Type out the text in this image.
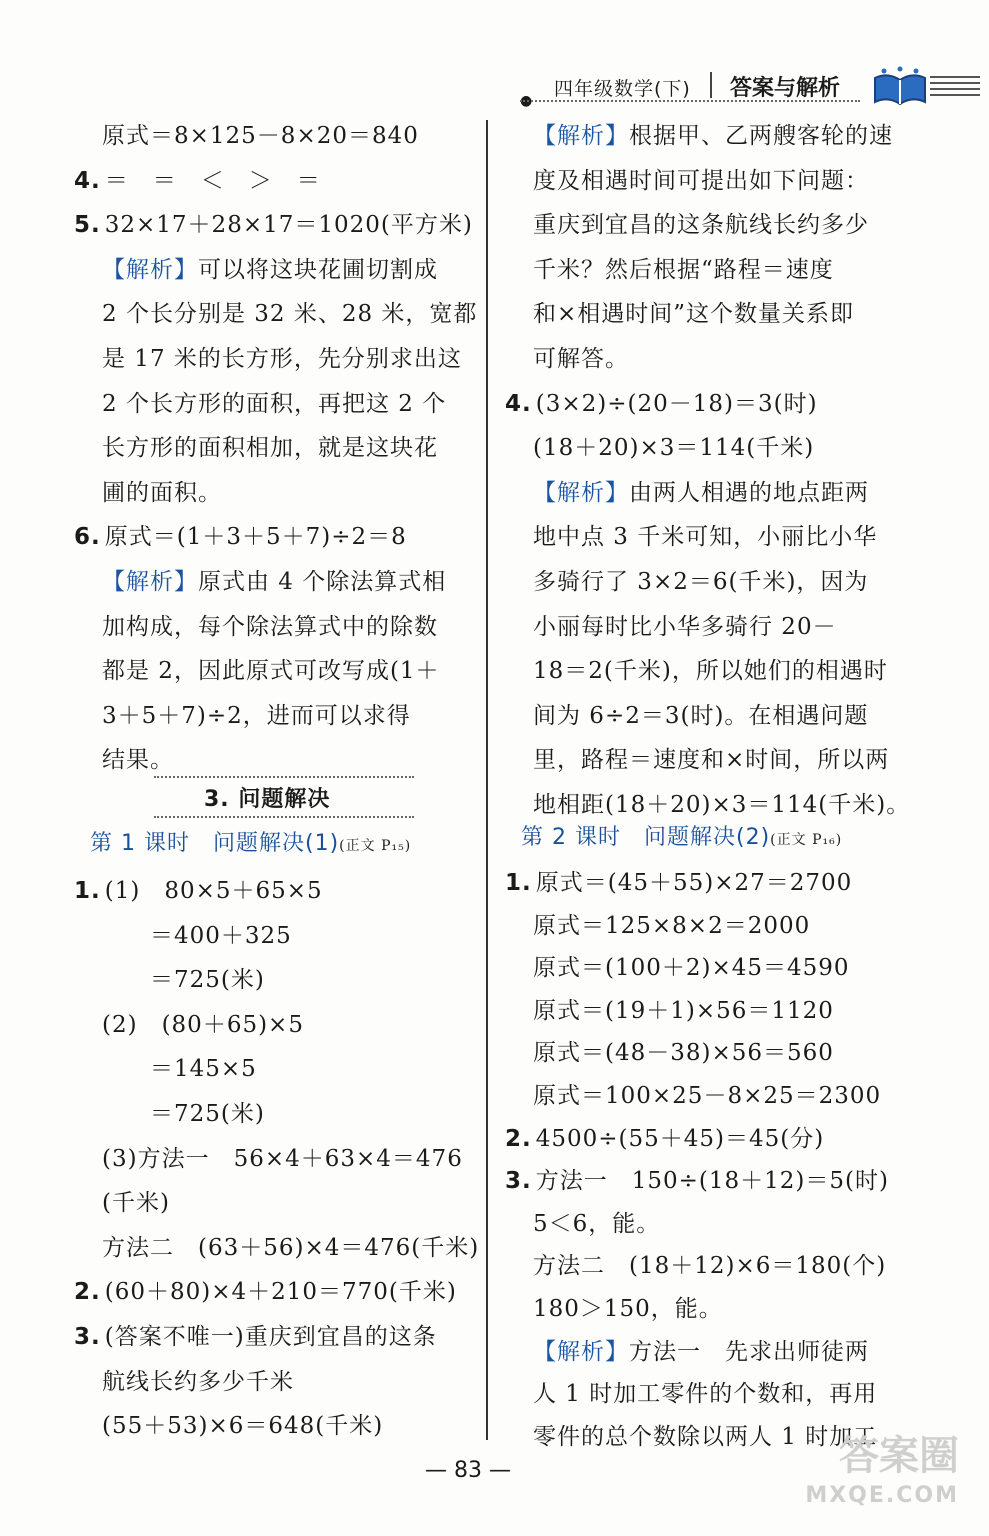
●
四年级数学(下) 答案与解析
原式＝8×125－8×20＝840
4. ＝　＝　＜　＞　＝
5. 32×17＋28×17＝1020(平方米)
【解析】可以将这块花圃切割成
2 个长分别是 32 米、28 米，宽都
是 17 米的长方形，先分别求出这
2 个长方形的面积，再把这 2 个
长方形的面积相加，就是这块花
圃的面积。
6. 原式＝(1＋3＋5＋7)÷2＝8
【解析】原式由 4 个除法算式相
加构成，每个除法算式中的除数
都是 2，因此原式可改写成(1＋
3＋5＋7)÷2，进而可以求得
结果。
3. 问题解决
第 1 课时　问题解决(1)(正文 P₁₅)
1. (1)　80×5＋65×5
　　＝400＋325
　　＝725(米)
(2)　(80＋65)×5
　　＝145×5
　　＝725(米)
(3)方法一　56×4＋63×4＝476
(千米)
方法二　(63＋56)×4＝476(千米)
2. (60＋80)×4＋210＝770(千米)
3. (答案不唯一)重庆到宜昌的这条
航线长约多少千米
(55＋53)×6＝648(千米)
【解析】根据甲、乙两艘客轮的速
度及相遇时间可提出如下问题：
重庆到宜昌的这条航线长约多少
千米？然后根据“路程＝速度
和×相遇时间”这个数量关系即
可解答。
4. (3×2)÷(20－18)＝3(时)
(18＋20)×3＝114(千米)
【解析】由两人相遇的地点距两
地中点 3 千米可知，小丽比小华
多骑行了 3×2＝6(千米)，因为
小丽每时比小华多骑行 20－
18＝2(千米)，所以她们的相遇时
间为 6÷2＝3(时)。在相遇问题
里，路程＝速度和×时间，所以两
地相距(18＋20)×3＝114(千米)。
第 2 课时　问题解决(2)(正文 P₁₆)
1. 原式＝(45＋55)×27＝2700
原式＝125×8×2＝2000
原式＝(100＋2)×45＝4590
原式＝(19＋1)×56＝1120
原式＝(48－38)×56＝560
原式＝100×25－8×25＝2300
2. 4500÷(55＋45)＝45(分)
3. 方法一　150÷(18＋12)＝5(时)
5＜6，能。
方法二　(18＋12)×6＝180(个)
180＞150，能。
【解析】方法一　先求出师徒两
人 1 时加工零件的个数和，再用
零件的总个数除以两人 1 时加工
— 83 —	答案圈
MXQE.COM
